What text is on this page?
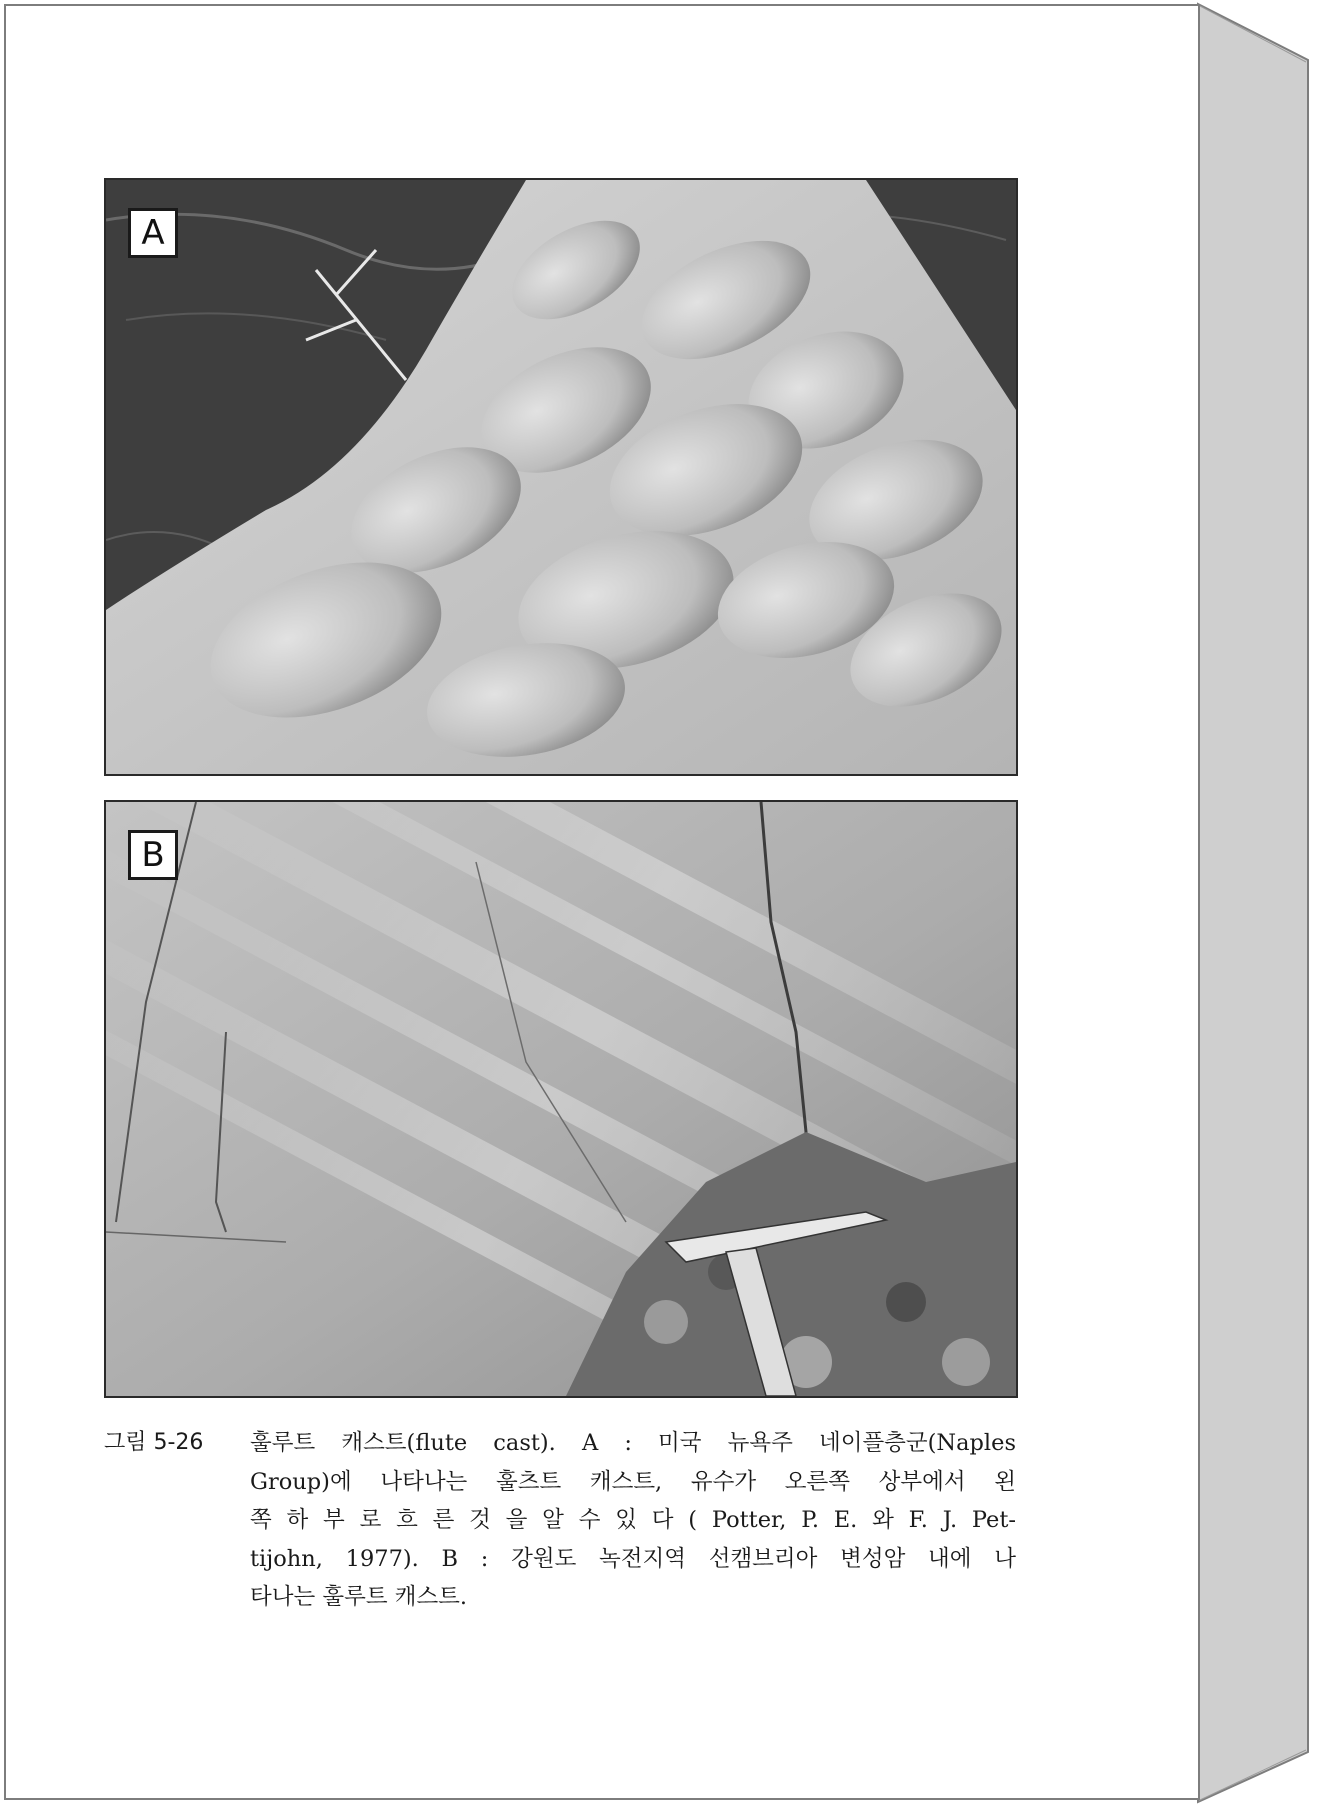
A
B
그림 5-26 훌루트 캐스트(flute cast). A : 미국 뉴욕주 네이플층군(Naples
Group)에 나타나는 훌츠트 캐스트, 유수가 오른쪽 상부에서 왼
쪽 하 부 로 흐 른 것 을 알 수 있 다 ( Potter, P. E. 와 F. J. Pet-
tijohn, 1977). B : 강원도 녹전지역 선캠브리아 변성암 내에 나
타나는 훌루트 캐스트.
